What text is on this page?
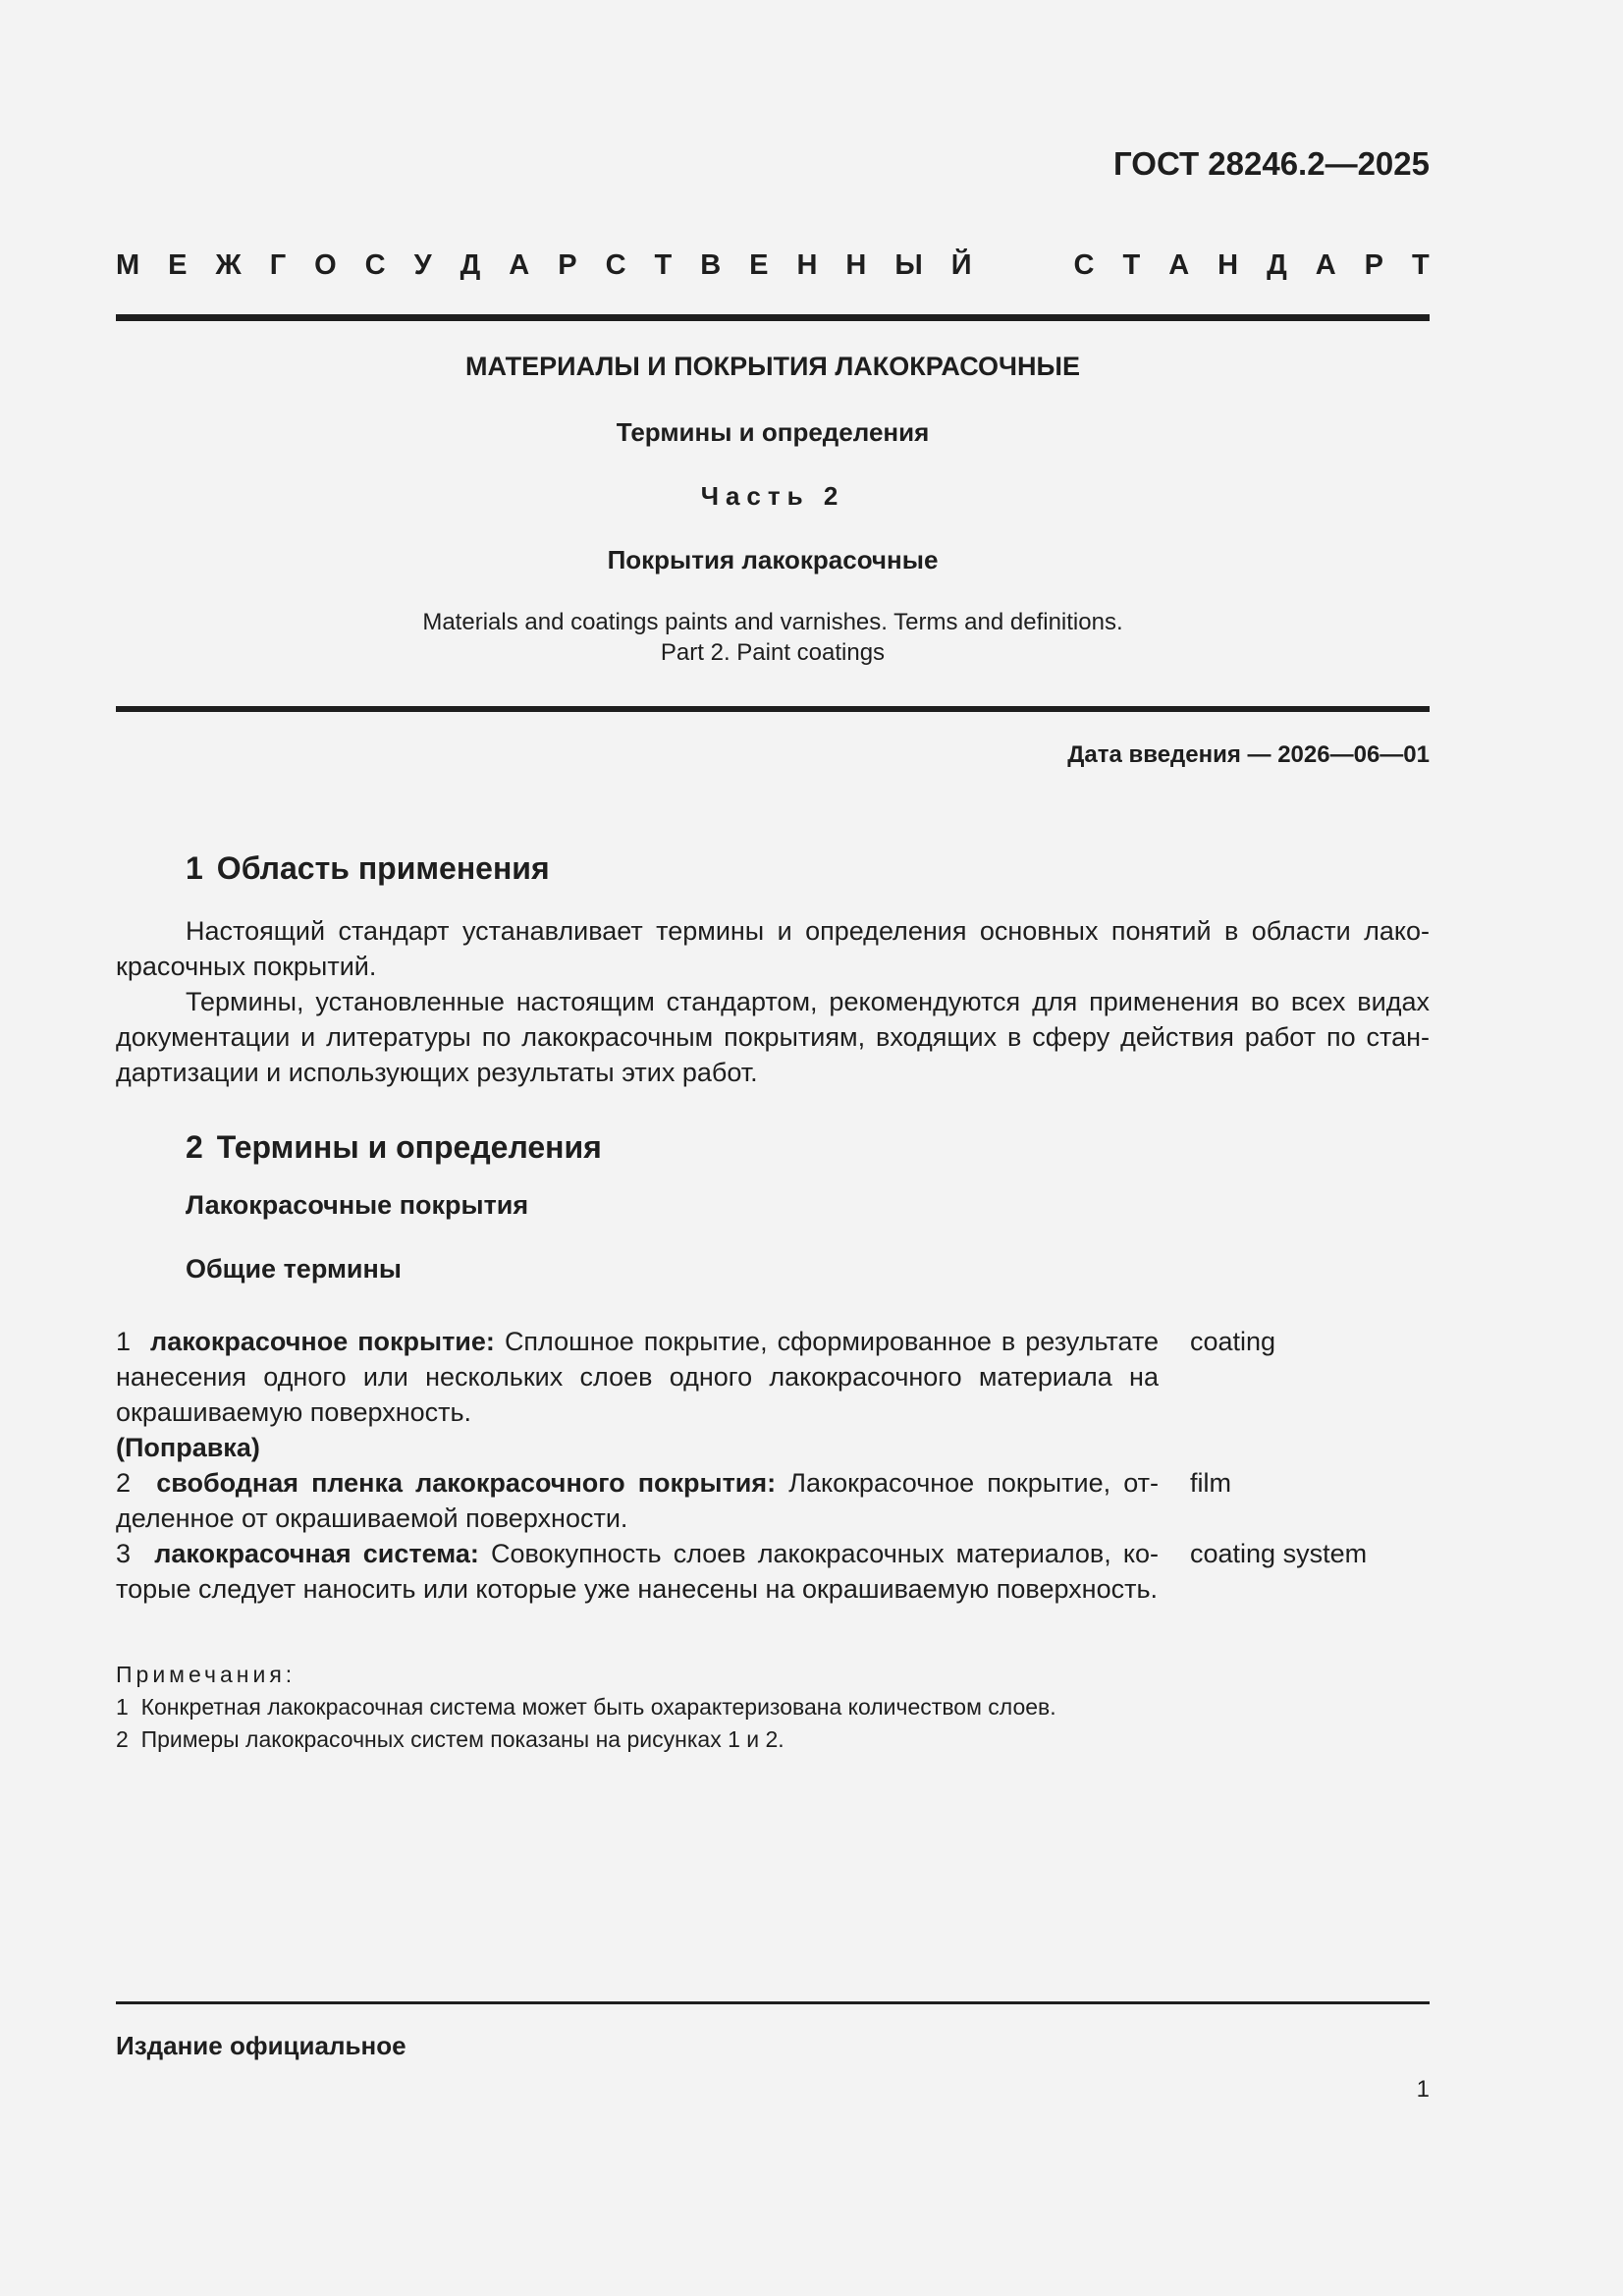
ГОСТ 28246.2—2025
М Е Ж Г О С У Д А Р С Т В Е Н Н Ы Й	С Т А Н Д А Р Т
МАТЕРИАЛЫ И ПОКРЫТИЯ ЛАКОКРАСОЧНЫЕ
Термины и определения
Часть 2
Покрытия лакокрасочные
Materials and coatings paints and varnishes. Terms and definitions.
Part 2. Paint coatings
Дата введения — 2026—06—01
1 Область применения

Настоящий стандарт устанавливает термины и определения основных понятий в области лакокрасочных покрытий.

Термины, установленные настоящим стандартом, рекомендуются для применения во всех видах документации и литературы по лакокрасочным покрытиям, входящих в сферу действия работ по стандартизации и использующих результаты этих работ.

2 Термины и определения
Лакокрасочные покрытия
Общие термины
1 лакокрасочное покрытие: Сплошное покрытие, сформированное в результате нанесения одного или нескольких слоев одного лакокрасочного материала на окрашиваемую поверхность.
(Поправка)
coating
2 свободная пленка лакокрасочного покрытия: Лакокрасочное покрытие, отделенное от окрашиваемой поверхности.
film
3 лакокрасочная система: Совокупность слоев лакокрасочных материалов, которые следует наносить или которые уже нанесены на окрашиваемую поверхность.
coating system
Примечания:
1  Конкретная лакокрасочная система может быть охарактеризована количеством слоев.
2  Примеры лакокрасочных систем показаны на рисунках 1 и 2.
Издание официальное
1
